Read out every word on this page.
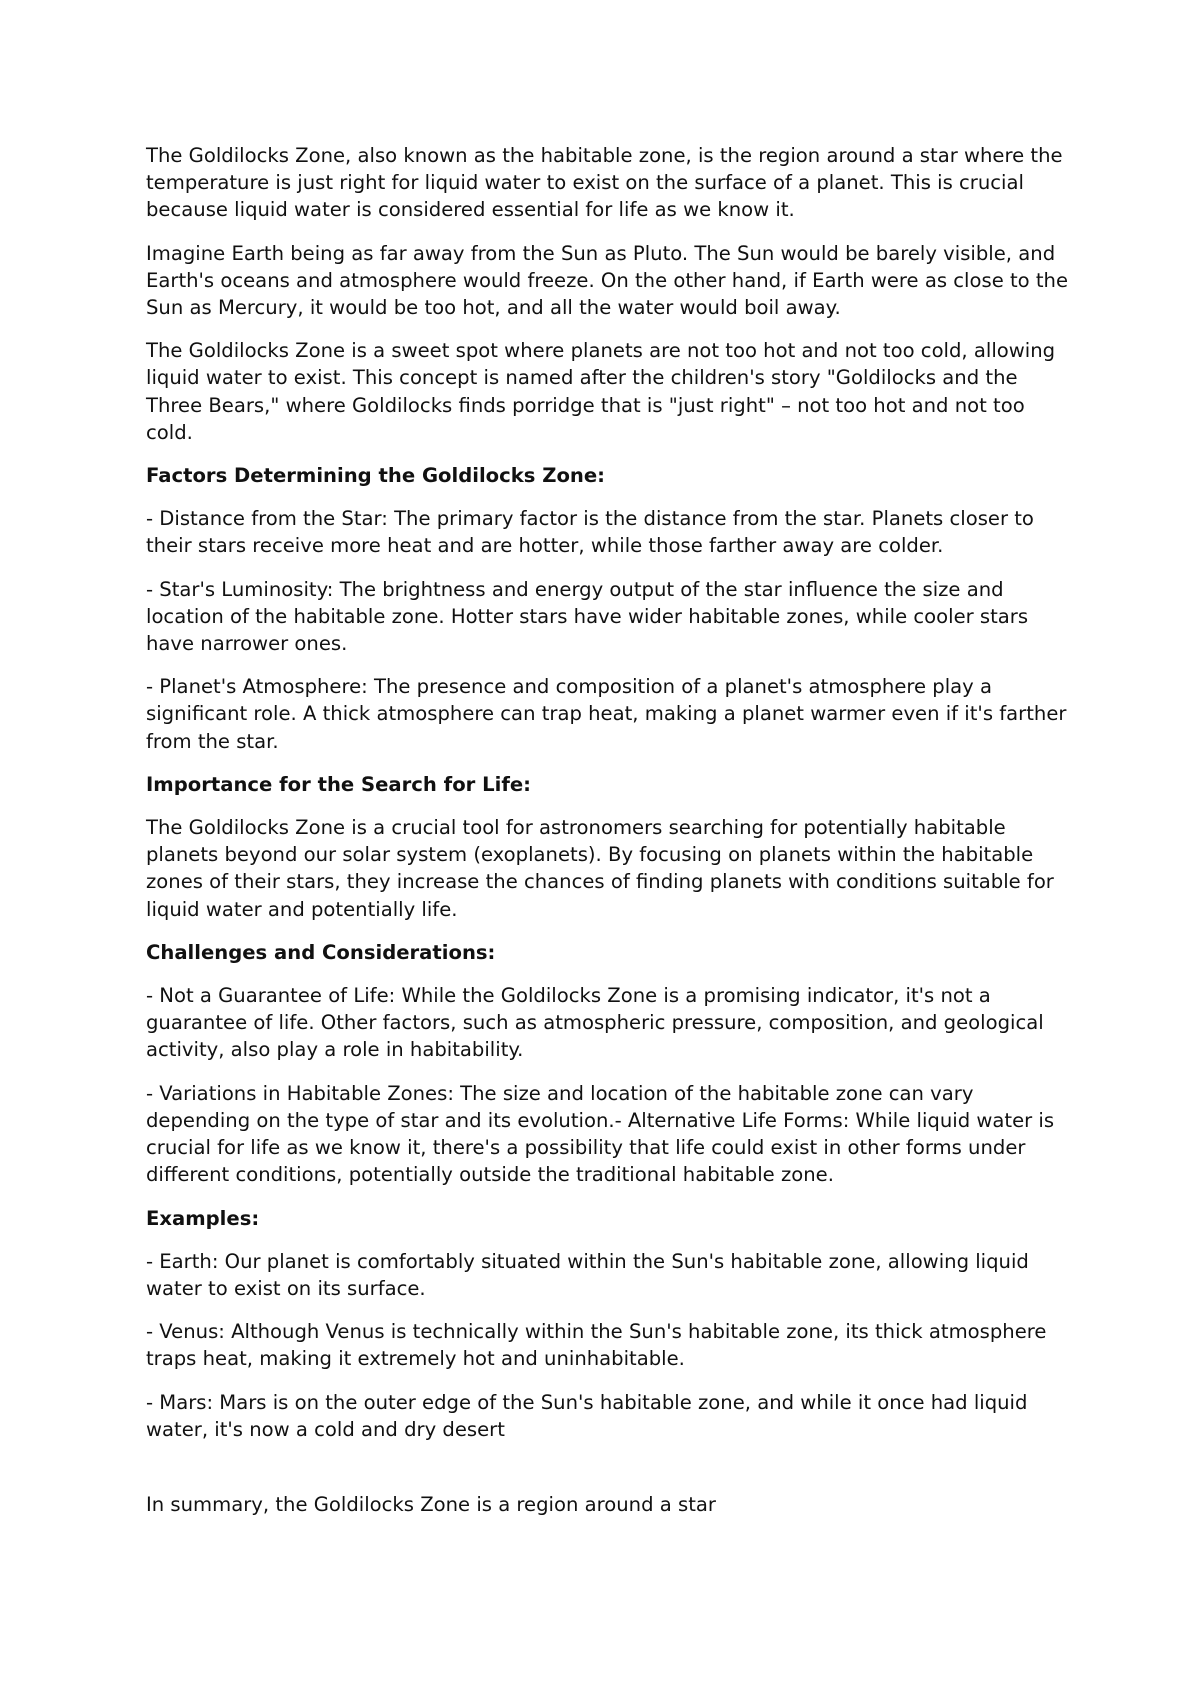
The Goldilocks Zone, also known as the habitable zone, is the region around a star where the temperature is just right for liquid water to exist on the surface of a planet. This is crucial because liquid water is considered essential for life as we know it.

Imagine Earth being as far away from the Sun as Pluto. The Sun would be barely visible, and Earth's oceans and atmosphere would freeze. On the other hand, if Earth were as close to the Sun as Mercury, it would be too hot, and all the water would boil away.

The Goldilocks Zone is a sweet spot where planets are not too hot and not too cold, allowing liquid water to exist. This concept is named after the children's story "Goldilocks and the Three Bears," where Goldilocks finds porridge that is "just right" – not too hot and not too cold.

Factors Determining the Goldilocks Zone:

- Distance from the Star: The primary factor is the distance from the star. Planets closer to their stars receive more heat and are hotter, while those farther away are colder.

- Star's Luminosity: The brightness and energy output of the star influence the size and location of the habitable zone. Hotter stars have wider habitable zones, while cooler stars have narrower ones.

- Planet's Atmosphere: The presence and composition of a planet's atmosphere play a significant role. A thick atmosphere can trap heat, making a planet warmer even if it's farther from the star.

Importance for the Search for Life:

The Goldilocks Zone is a crucial tool for astronomers searching for potentially habitable planets beyond our solar system (exoplanets). By focusing on planets within the habitable zones of their stars, they increase the chances of finding planets with conditions suitable for liquid water and potentially life.

Challenges and Considerations:

- Not a Guarantee of Life: While the Goldilocks Zone is a promising indicator, it's not a guarantee of life. Other factors, such as atmospheric pressure, composition, and geological activity, also play a role in habitability.

- Variations in Habitable Zones: The size and location of the habitable zone can vary depending on the type of star and its evolution.- Alternative Life Forms: While liquid water is crucial for life as we know it, there's a possibility that life could exist in other forms under different conditions, potentially outside the traditional habitable zone.

Examples:

- Earth: Our planet is comfortably situated within the Sun's habitable zone, allowing liquid water to exist on its surface.

- Venus: Although Venus is technically within the Sun's habitable zone, its thick atmosphere traps heat, making it extremely hot and uninhabitable.

- Mars: Mars is on the outer edge of the Sun's habitable zone, and while it once had liquid water, it's now a cold and dry desert

In summary, the Goldilocks Zone is a region around a star
